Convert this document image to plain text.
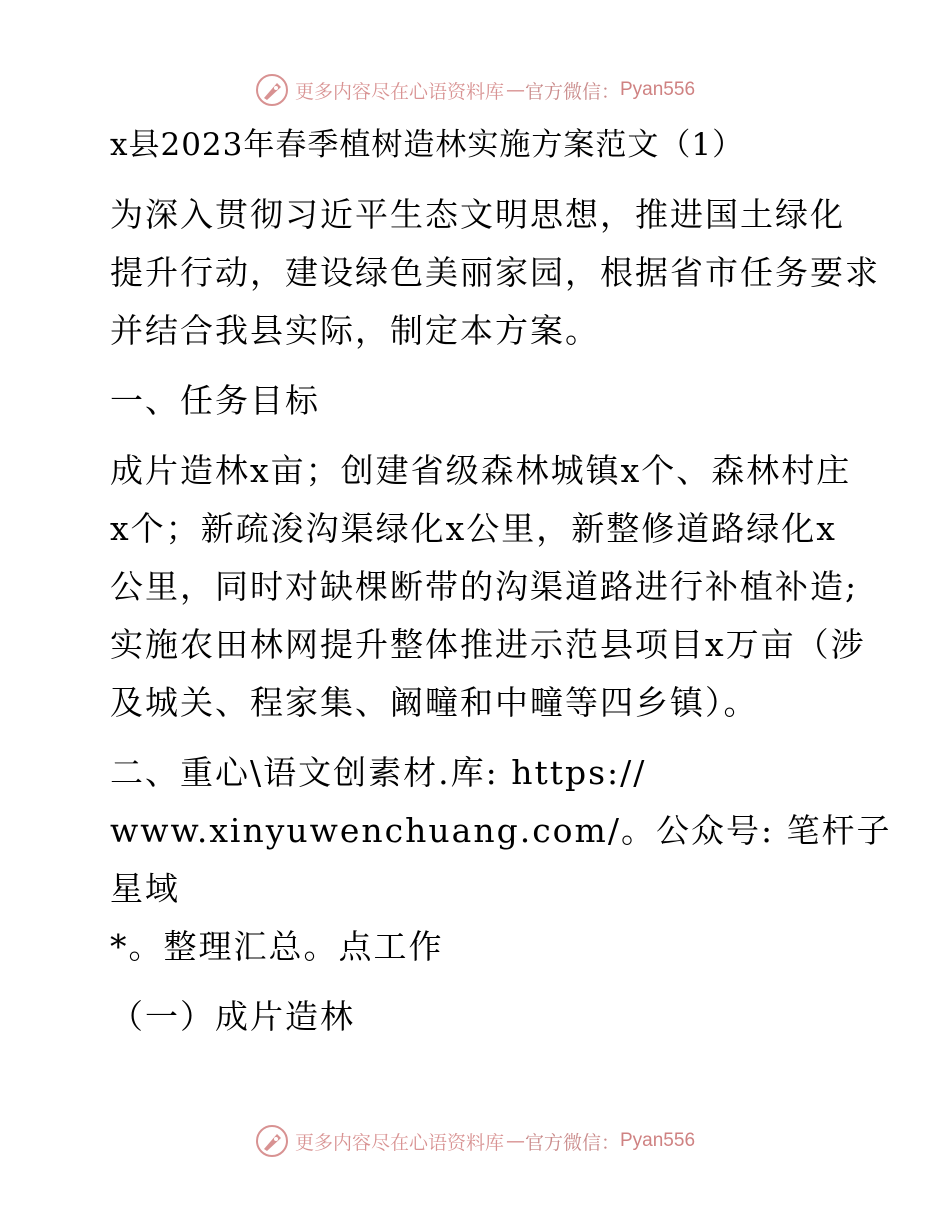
更多内容尽在心语资料库 — 官方微信： Pyan556

x县2023年春季植树造林实施方案范文（1）

为深入贯彻习近平生态文明思想，推进国土绿化
提升行动，建设绿色美丽家园，根据省市任务要求
并结合我县实际，制定本方案。

一、任务目标

成片造林x亩；创建省级森林城镇x个、森林村庄
x个；新疏浚沟渠绿化x公里，新整修道路绿化x
公里，同时对缺棵断带的沟渠道路进行补植补造;
实施农田林网提升整体推进示范县项目x万亩（涉
及城关、程家集、阚疃和中疃等四乡镇）。

二、重心\语文创素材.库: https://
www.xinyuwenchuang.com/。公众号: 笔杆子星域
*。整理汇总。点工作

（一）成片造林

更多内容尽在心语资料库 — 官方微信： Pyan556
